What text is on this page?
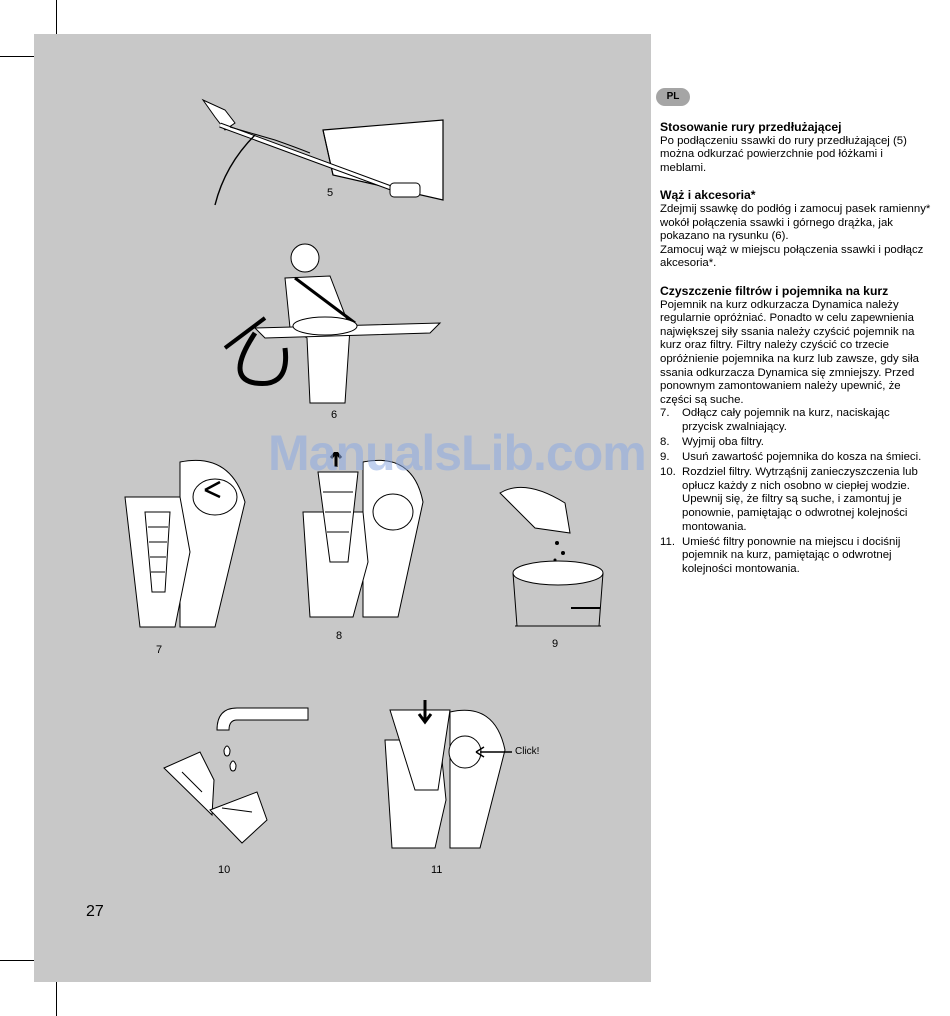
5
6
7
8
9
10
Click!
11
27
PL

Stosowanie rury przedłużającej

Po podłączeniu ssawki do rury przedłużającej (5) można odkurzać powierzchnie pod łóżkami i meblami.

Wąż i akcesoria*

Zdejmij ssawkę do podłóg i zamocuj pasek ramienny* wokół połączenia ssawki i górnego drążka, jak pokazano na rysunku (6).

Zamocuj wąż w miejscu połączenia ssawki i podłącz akcesoria*.

Czyszczenie filtrów i pojemnika na kurz

Pojemnik na kurz odkurzacza Dynamica należy regularnie opróżniać. Ponadto w celu zapewnienia największej siły ssania należy czyścić pojemnik na kurz oraz filtry. Filtry należy czyścić co trzecie opróżnienie pojemnika na kurz lub zawsze, gdy siła ssania odkurzacza Dynamica się zmniejszy. Przed ponownym zamontowaniem należy upewnić, że części są suche.

7. Odłącz cały pojemnik na kurz, naciskając przycisk zwalniający.
8. Wyjmij oba filtry.
9. Usuń zawartość pojemnika do kosza na śmieci.
10. Rozdziel filtry. Wytrząśnij zanieczyszczenia lub opłucz każdy z nich osobno w ciepłej wodzie. Upewnij się, że filtry są suche, i zamontuj je ponownie, pamiętając o odwrotnej kolejności montowania.
11. Umieść filtry ponownie na miejscu i dociśnij pojemnik na kurz, pamiętając o odwrotnej kolejności montowania.
ManualsLib.com
